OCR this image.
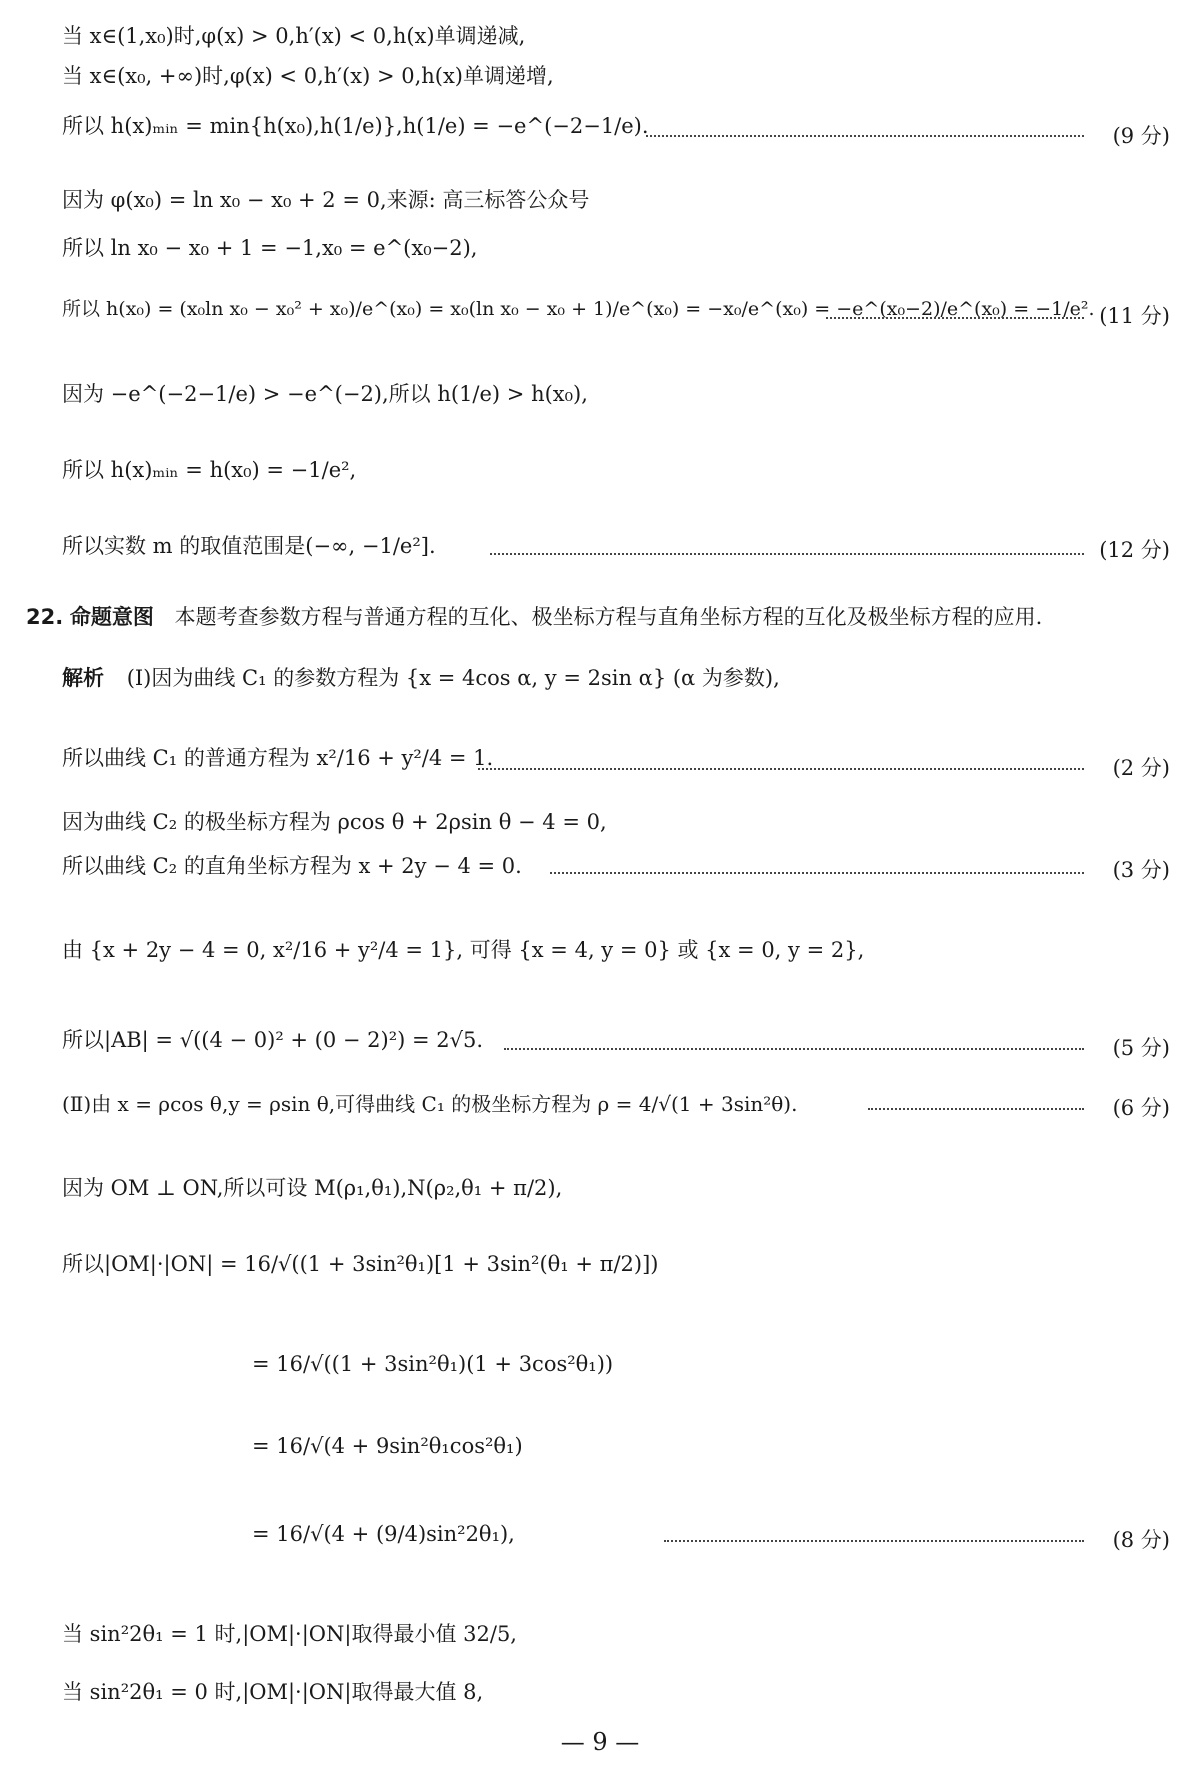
当 x∈(1,x₀)时,φ(x) > 0,h′(x) < 0,h(x)单调递减,
当 x∈(x₀, +∞)时,φ(x) < 0,h′(x) > 0,h(x)单调递增,
所以 h(x)ₘᵢₙ = min{h(x₀),h(1/e)},h(1/e) = −e^(−2−1/e).	(9 分)
因为 φ(x₀) = ln x₀ − x₀ + 2 = 0,来源: 高三标答公众号
所以 ln x₀ − x₀ + 1 = −1,x₀ = e^(x₀−2),
所以 h(x₀) = (x₀ln x₀ − x₀² + x₀)/e^(x₀) = x₀(ln x₀ − x₀ + 1)/e^(x₀) = −x₀/e^(x₀) = −e^(x₀−2)/e^(x₀) = −1/e². (11 分)
因为 −e^(−2−1/e) > −e^(−2),所以 h(1/e) > h(x₀),
所以 h(x)ₘᵢₙ = h(x₀) = −1/e²,
所以实数 m 的取值范围是(−∞, −1/e²].	(12 分)
22. 命题意图 本题考查参数方程与普通方程的互化、极坐标方程与直角坐标方程的互化及极坐标方程的应用.
解析 (Ⅰ)因为曲线 C₁ 的参数方程为 {x = 4cos α, y = 2sin α} (α 为参数),
所以曲线 C₁ 的普通方程为 x²/16 + y²/4 = 1.	(2 分)
因为曲线 C₂ 的极坐标方程为 ρcos θ + 2ρsin θ − 4 = 0,
所以曲线 C₂ 的直角坐标方程为 x + 2y − 4 = 0.	(3 分)
由 {x + 2y − 4 = 0, x²/16 + y²/4 = 1}, 可得 {x = 4, y = 0} 或 {x = 0, y = 2},
所以|AB| = √((4 − 0)² + (0 − 2)²) = 2√5.	(5 分)
(Ⅱ)由 x = ρcos θ,y = ρsin θ,可得曲线 C₁ 的极坐标方程为 ρ = 4/√(1 + 3sin²θ).	(6 分)
因为 OM ⊥ ON,所以可设 M(ρ₁,θ₁),N(ρ₂,θ₁ + π/2),
所以|OM|·|ON| = 16/√((1 + 3sin²θ₁)[1 + 3sin²(θ₁ + π/2)])
= 16/√((1 + 3sin²θ₁)(1 + 3cos²θ₁))
= 16/√(4 + 9sin²θ₁cos²θ₁)
= 16/√(4 + (9/4)sin²2θ₁),	(8 分)
当 sin²2θ₁ = 1 时,|OM|·|ON|取得最小值 32/5,
当 sin²2θ₁ = 0 时,|OM|·|ON|取得最大值 8,
— 9 —
